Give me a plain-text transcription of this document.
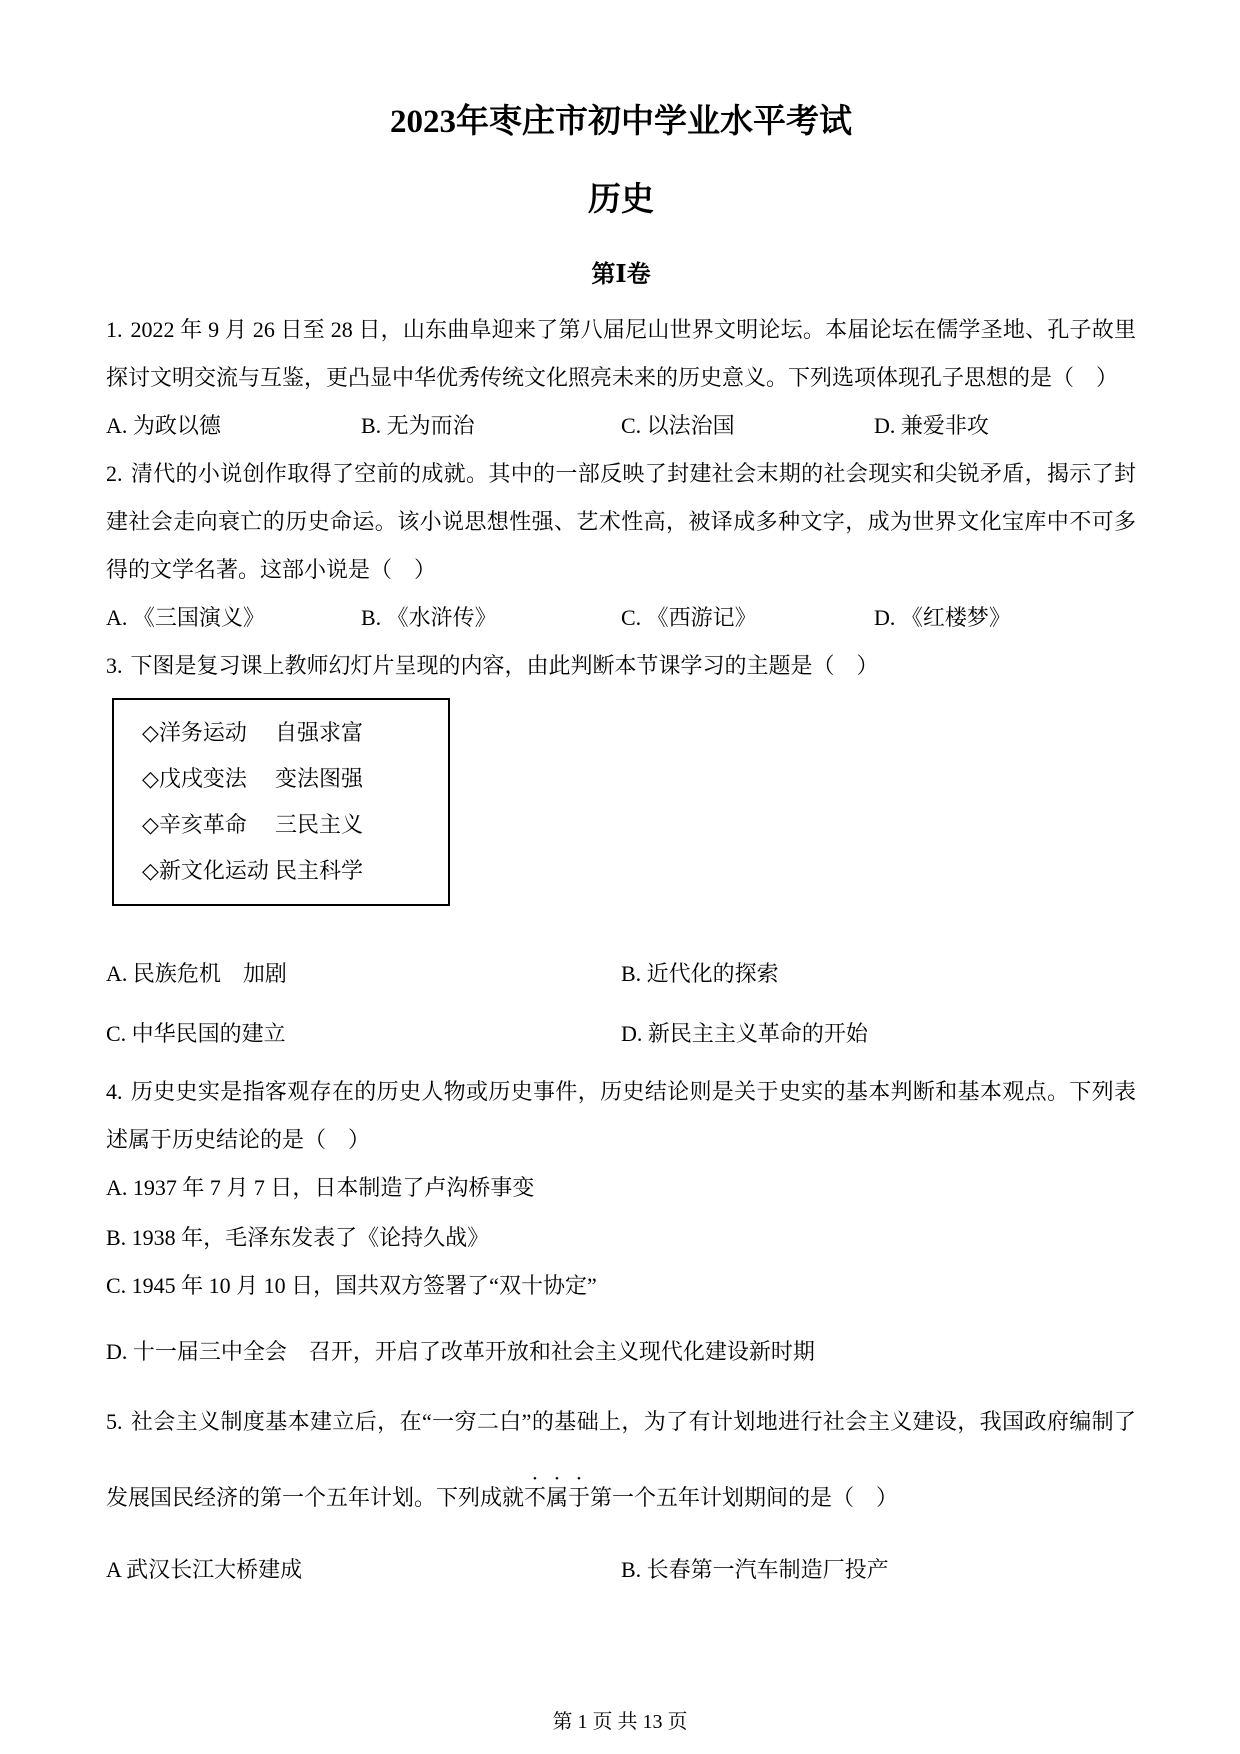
2023年枣庄市初中学业水平考试
历史
第Ⅰ卷

1. 2022 年 9 月 26 日至 28 日，山东曲阜迎来了第八届尼山世界文明论坛。本届论坛在儒学圣地、孔子故里探讨文明交流与互鉴，更凸显中华优秀传统文化照亮未来的历史意义。下列选项体现孔子思想的是（　）

A. 为政以德	B. 无为而治	C. 以法治国	D. 兼爱非攻

2. 清代的小说创作取得了空前的成就。其中的一部反映了封建社会末期的社会现实和尖锐矛盾，揭示了封建社会走向衰亡的历史命运。该小说思想性强、艺术性高，被译成多种文字，成为世界文化宝库中不可多得的文学名著。这部小说是（　）

A. 《三国演义》	B. 《水浒传》	C. 《西游记》	D. 《红楼梦》

3. 下图是复习课上教师幻灯片呈现的内容，由此判断本节课学习的主题是（　）

◇洋务运动	自强求富
◇戊戌变法	变法图强
◇辛亥革命	三民主义
◇新文化运动 民主科学
A. 民族危机　加剧	B. 近代化的探索
C. 中华民国的建立	D. 新民主主义革命的开始

4. 历史史实是指客观存在的历史人物或历史事件，历史结论则是关于史实的基本判断和基本观点。下列表述属于历史结论的是（　）

A. 1937 年 7 月 7 日，日本制造了卢沟桥事变
B. 1938 年，毛泽东发表了《论持久战》
C. 1945 年 10 月 10 日，国共双方签署了“双十协定”
D. 十一届三中全会　召开，开启了改革开放和社会主义现代化建设新时期

5. 社会主义制度基本建立后，在“一穷二白”的基础上，为了有计划地进行社会主义建设，我国政府编制了发展国民经济的第一个五年计划。下列成就不属于第一个五年计划期间的是（　）

A 武汉长江大桥建成	B. 长春第一汽车制造厂投产
第 1 页 共 13 页
